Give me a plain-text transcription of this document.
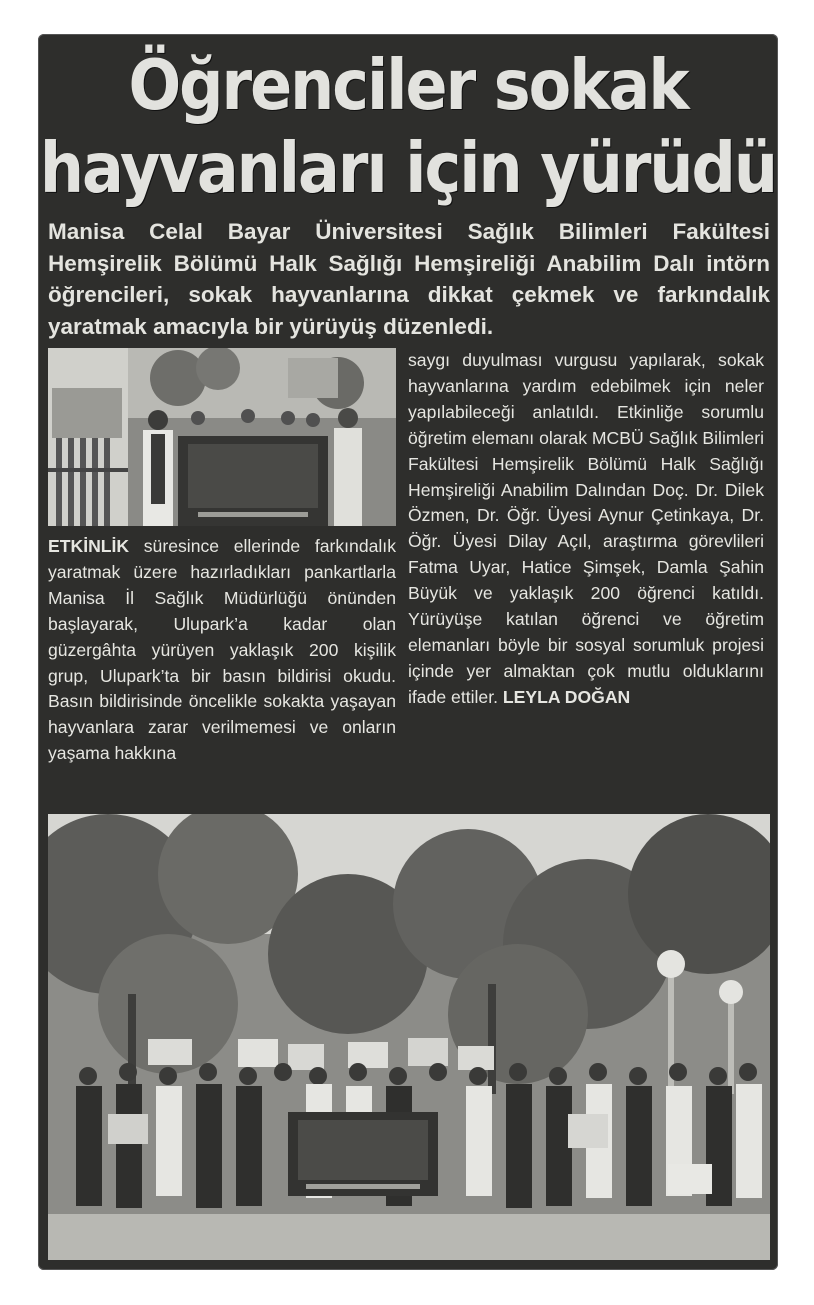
Öğrenciler sokak
hayvanları için yürüdü

Manisa Celal Bayar Üniversitesi Sağlık Bilimleri Fakültesi Hemşirelik Bölümü Halk Sağlığı Hemşireliği Anabilim Dalı intörn öğrencileri, sokak hayvanlarına dikkat çekmek ve farkındalık yaratmak amacıyla bir yürüyüş düzenledi.

ETKİNLİK süresince ellerinde farkındalık yaratmak üzere hazırladıkları pankartlarla Manisa İl Sağlık Müdürlüğü önünden başlayarak, Ulupark’a kadar olan güzergâhta yürüyen yaklaşık 200 kişilik grup, Ulupark’ta bir basın bildirisi okudu. Basın bildirisinde öncelikle sokakta yaşayan hayvanlara zarar verilmemesi ve onların yaşama hakkına

saygı duyulması vurgusu yapılarak, sokak hayvanlarına yardım edebilmek için neler yapılabileceği anlatıldı. Etkinliğe sorumlu öğretim elemanı olarak MCBÜ Sağlık Bilimleri Fakültesi Hemşirelik Bölümü Halk Sağlığı Hemşireliği Anabilim Dalından Doç. Dr. Dilek Özmen, Dr. Öğr. Üyesi Aynur Çetinkaya, Dr. Öğr. Üyesi Dilay Açıl, araştırma görevlileri Fatma Uyar, Hatice Şimşek, Damla Şahin Büyük ve yaklaşık 200 öğrenci katıldı. Yürüyüşe katılan öğrenci ve öğretim elemanları böyle bir sosyal sorumluk projesi içinde yer almaktan çok mutlu olduklarını ifade ettiler. LEYLA DOĞAN
